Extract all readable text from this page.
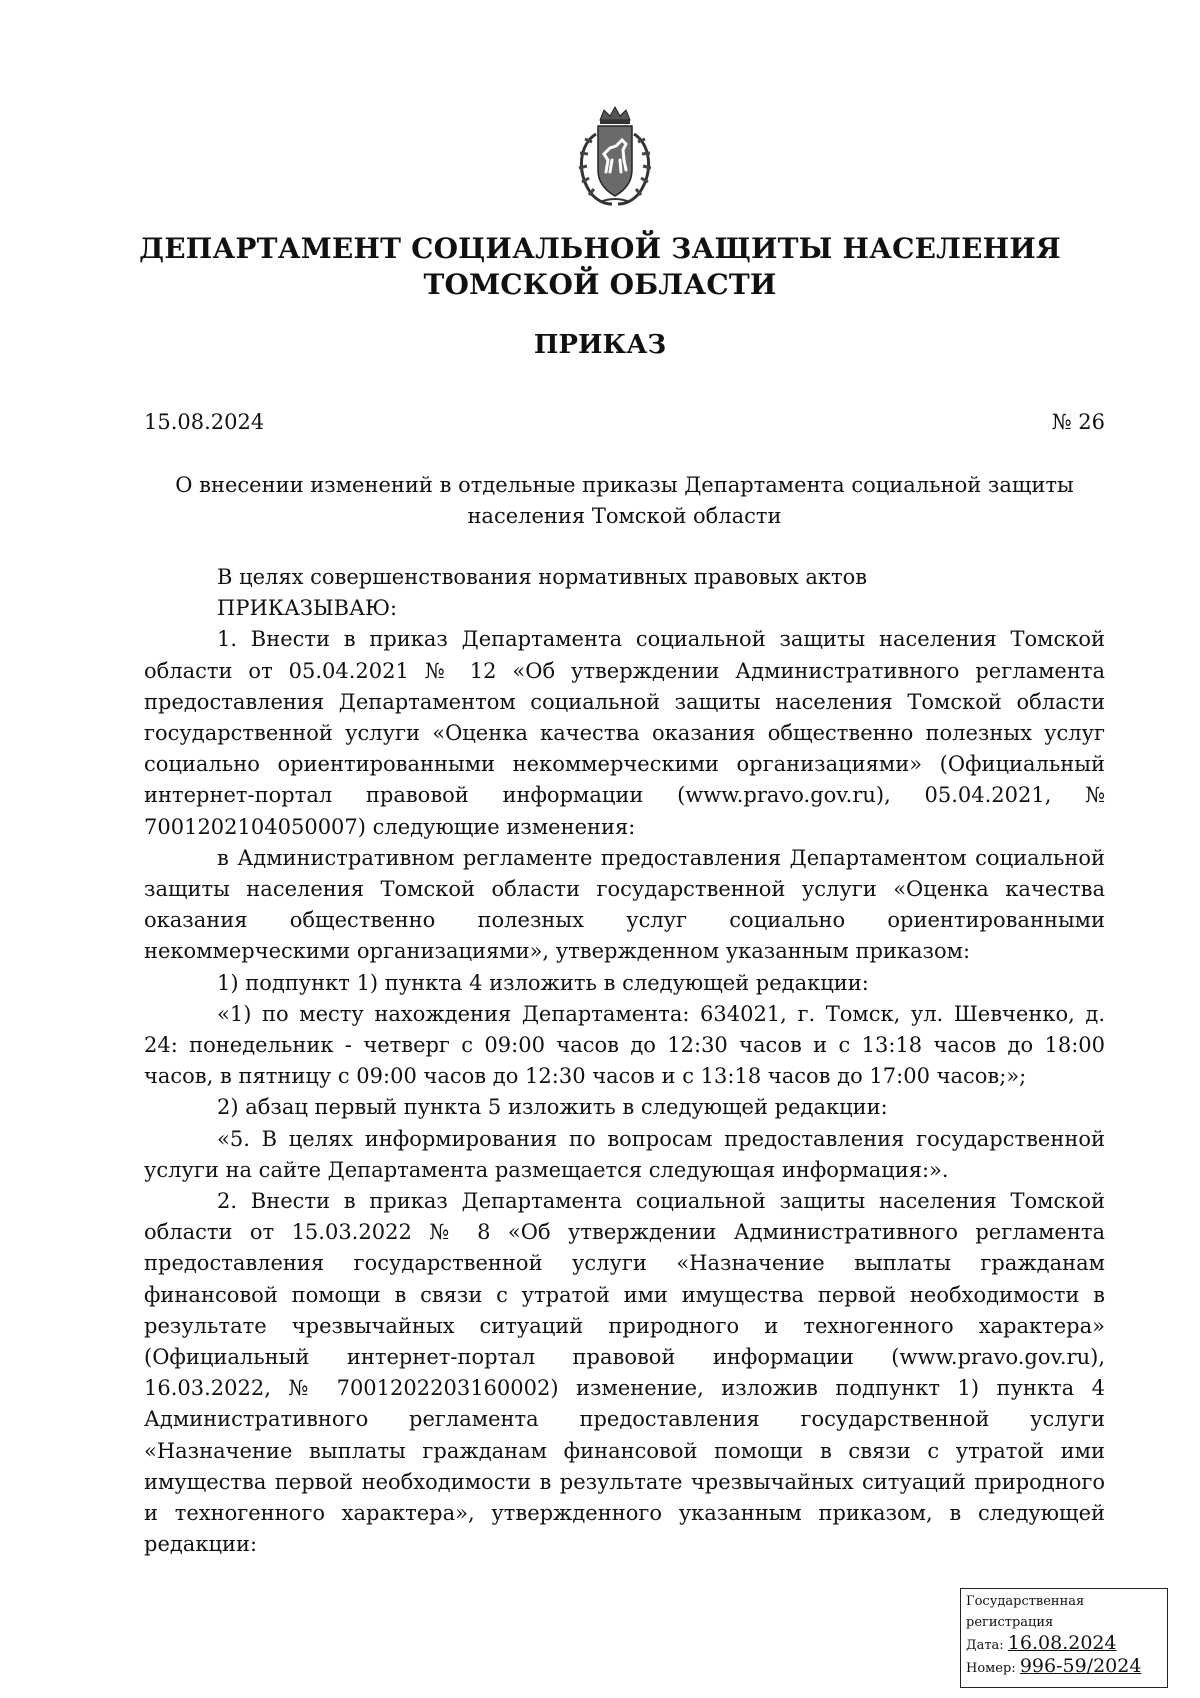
ДЕПАРТАМЕНТ СОЦИАЛЬНОЙ ЗАЩИТЫ НАСЕЛЕНИЯ
ТОМСКОЙ ОБЛАСТИ
ПРИКАЗ
15.08.2024	№ 26
О внесении изменений в отдельные приказы Департамента социальной защиты
населения Томской области

В целях совершенствования нормативных правовых актов

ПРИКАЗЫВАЮ:

1. Внести в приказ Департамента социальной защиты населения Томской области от 05.04.2021 № 12 «Об утверждении Административного регламента предоставления Департаментом социальной защиты населения Томской области государственной услуги «Оценка качества оказания общественно полезных услуг социально ориентированными некоммерческими организациями» (Официальный интернет-портал правовой информации (www.pravo.gov.ru), 05.04.2021, № 7001202104050007) следующие изменения:

в Административном регламенте предоставления Департаментом социальной защиты населения Томской области государственной услуги «Оценка качества оказания общественно полезных услуг социально ориентированными некоммерческими организациями», утвержденном указанным приказом:

1) подпункт 1) пункта 4 изложить в следующей редакции:

«1) по месту нахождения Департамента: 634021, г. Томск, ул. Шевченко, д. 24: понедельник - четверг с 09:00 часов до 12:30 часов и с 13:18 часов до 18:00 часов, в пятницу с 09:00 часов до 12:30 часов и с 13:18 часов до 17:00 часов;»;

2) абзац первый пункта 5 изложить в следующей редакции:

«5. В целях информирования по вопросам предоставления государственной услуги на сайте Департамента размещается следующая информация:».

2. Внести в приказ Департамента социальной защиты населения Томской области от 15.03.2022 № 8 «Об утверждении Административного регламента предоставления государственной услуги «Назначение выплаты гражданам финансовой помощи в связи с утратой ими имущества первой необходимости в результате чрезвычайных ситуаций природного и техногенного характера» (Официальный интернет-портал правовой информации (www.pravo.gov.ru), 16.03.2022, № 7001202203160002) изменение, изложив подпункт 1) пункта 4 Административного регламента предоставления государственной услуги «Назначение выплаты гражданам финансовой помощи в связи с утратой ими имущества первой необходимости в результате чрезвычайных ситуаций природного и техногенного характера», утвержденного указанным приказом, в следующей редакции:

Государственная регистрация
Дата: 16.08.2024
Номер: 996-59/2024
